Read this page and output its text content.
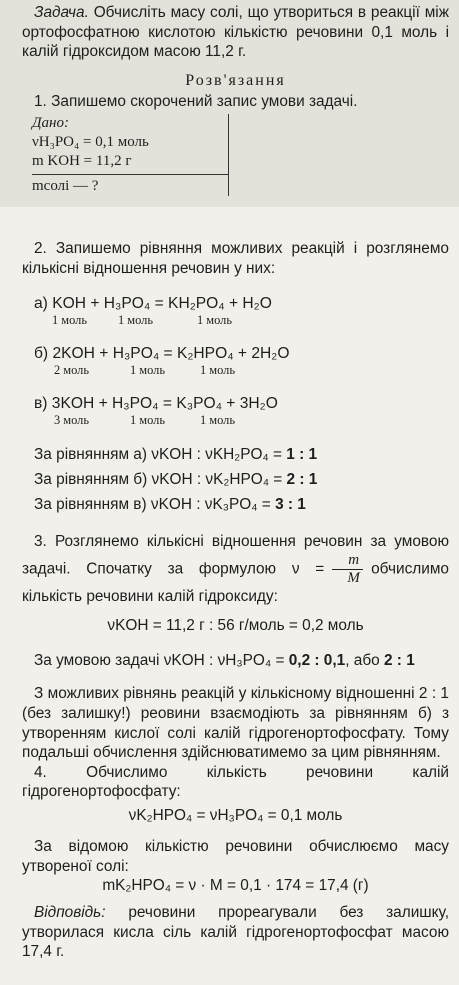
Задача. Обчисліть масу солі, що утвориться в реакції між ортофосфатною кислотою кількістю речовини 0,1 моль і калій гідроксидом масою 11,2 г.

Розв'язання
1. Запишемо скорочений запис умови задачі.
Дано:
νH₃PO₄ = 0,1 моль
m KOH = 11,2 г
mсолі — ?

2. Запишемо рівняння можливих реакцій і розглянемо кількісні відношення речовин у них:

а) KOH + H₃PO₄ = KH₂PO₄ + H₂O
1 моль	1 моль	1 моль
б) 2KOH + H₃PO₄ = K₂HPO₄ + 2H₂O
2 моль	1 моль	1 моль
в) 3KOH + H₃PO₄ = K₃PO₄ + 3H₂O
3 моль	1 моль	1 моль
За рівнянням а) νKOH : νKH₂PO₄ = 1 : 1
За рівнянням б) νKOH : νK₂HPO₄ = 2 : 1
За рівнянням в) νKOH : νK₃PO₄ = 3 : 1

3. Розглянемо кількісні відношення речовин за умовою задачі. Спочатку за формулою $\nu = \frac{m}{M}$ обчислимо кількість речовини калій гідроксиду:

νKOH = 11,2 г : 56 г/моль = 0,2 моль
За умовою задачі νKOH : νH₃PO₄ = 0,2 : 0,1, або 2 : 1

З можливих рівнянь реакцій у кількісному відношенні 2 : 1 (без залишку!) реовини взаємодіють за рівнянням б) з утворенням кислої солі калій гідрогенортофосфату. Тому подальші обчислення здійснюватимемо за цим рівнянням.

4. Обчислимо кількість речовини калій гідрогенортофосфату:

νK₂HPO₄ = νH₃PO₄ = 0,1 моль

За відомою кількістю речовини обчислюємо масу утвореної солі:

mK₂HPO₄ = ν · M = 0,1 · 174 = 17,4 (г)

Відповідь: речовини прореагували без залишку, утворилася кисла сіль калій гідрогенортофосфат масою 17,4 г.
